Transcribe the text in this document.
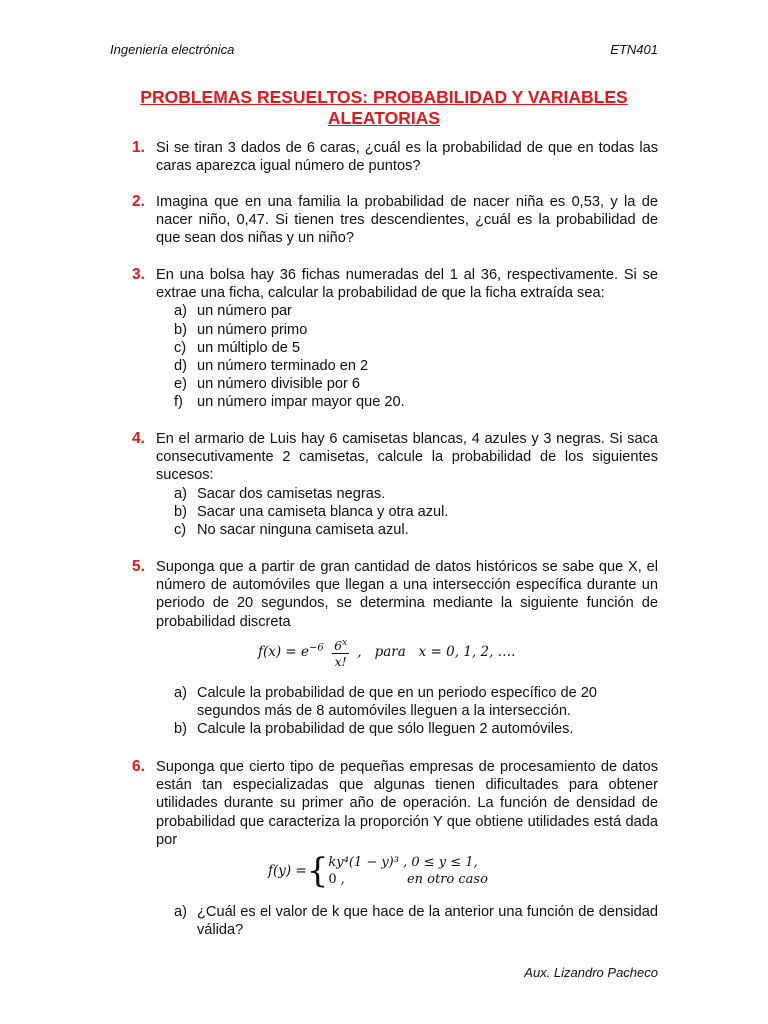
Ingeniería electrónica	ETN401
PROBLEMAS RESUELTOS: PROBABILIDAD Y VARIABLES ALEATORIAS
1. Si se tiran 3 dados de 6 caras, ¿cuál es la probabilidad de que en todas las caras aparezca igual número de puntos?
2. Imagina que en una familia la probabilidad de nacer niña es 0,53, y la de nacer niño, 0,47. Si tienen tres descendientes, ¿cuál es la probabilidad de que sean dos niñas y un niño?
3. En una bolsa hay 36 fichas numeradas del 1 al 36, respectivamente. Si se extrae una ficha, calcular la probabilidad de que la ficha extraída sea:
a) un número par
b) un número primo
c) un múltiplo de 5
d) un número terminado en 2
e) un número divisible por 6
f) un número impar mayor que 20.
4. En el armario de Luis hay 6 camisetas blancas, 4 azules y 3 negras. Si saca consecutivamente 2 camisetas, calcule la probabilidad de los siguientes sucesos:
a) Sacar dos camisetas negras.
b) Sacar una camiseta blanca y otra azul.
c) No sacar ninguna camiseta azul.
5. Suponga que a partir de gran cantidad de datos históricos se sabe que X, el número de automóviles que llegan a una intersección específica durante un periodo de 20 segundos, se determina mediante la siguiente función de probabilidad discreta
$f(x) = e^{-6} \frac{6^x}{x!}$ ,   para   x = 0, 1, 2, ….
a) Calcule la probabilidad de que en un periodo específico de 20 segundos más de 8 automóviles lleguen a la intersección.
b) Calcule la probabilidad de que sólo lleguen 2 automóviles.
6. Suponga que cierto tipo de pequeñas empresas de procesamiento de datos están tan especializadas que algunas tienen dificultades para obtener utilidades durante su primer año de operación. La función de densidad de probabilidad que caracteriza la proporción Y que obtiene utilidades está dada por
f(y) ={ ky⁴(1 − y)³ , 0 ≤ y ≤ 1,
0 ,	en otro caso
a) ¿Cuál es el valor de k que hace de la anterior una función de densidad válida?
Aux. Lizandro Pacheco
